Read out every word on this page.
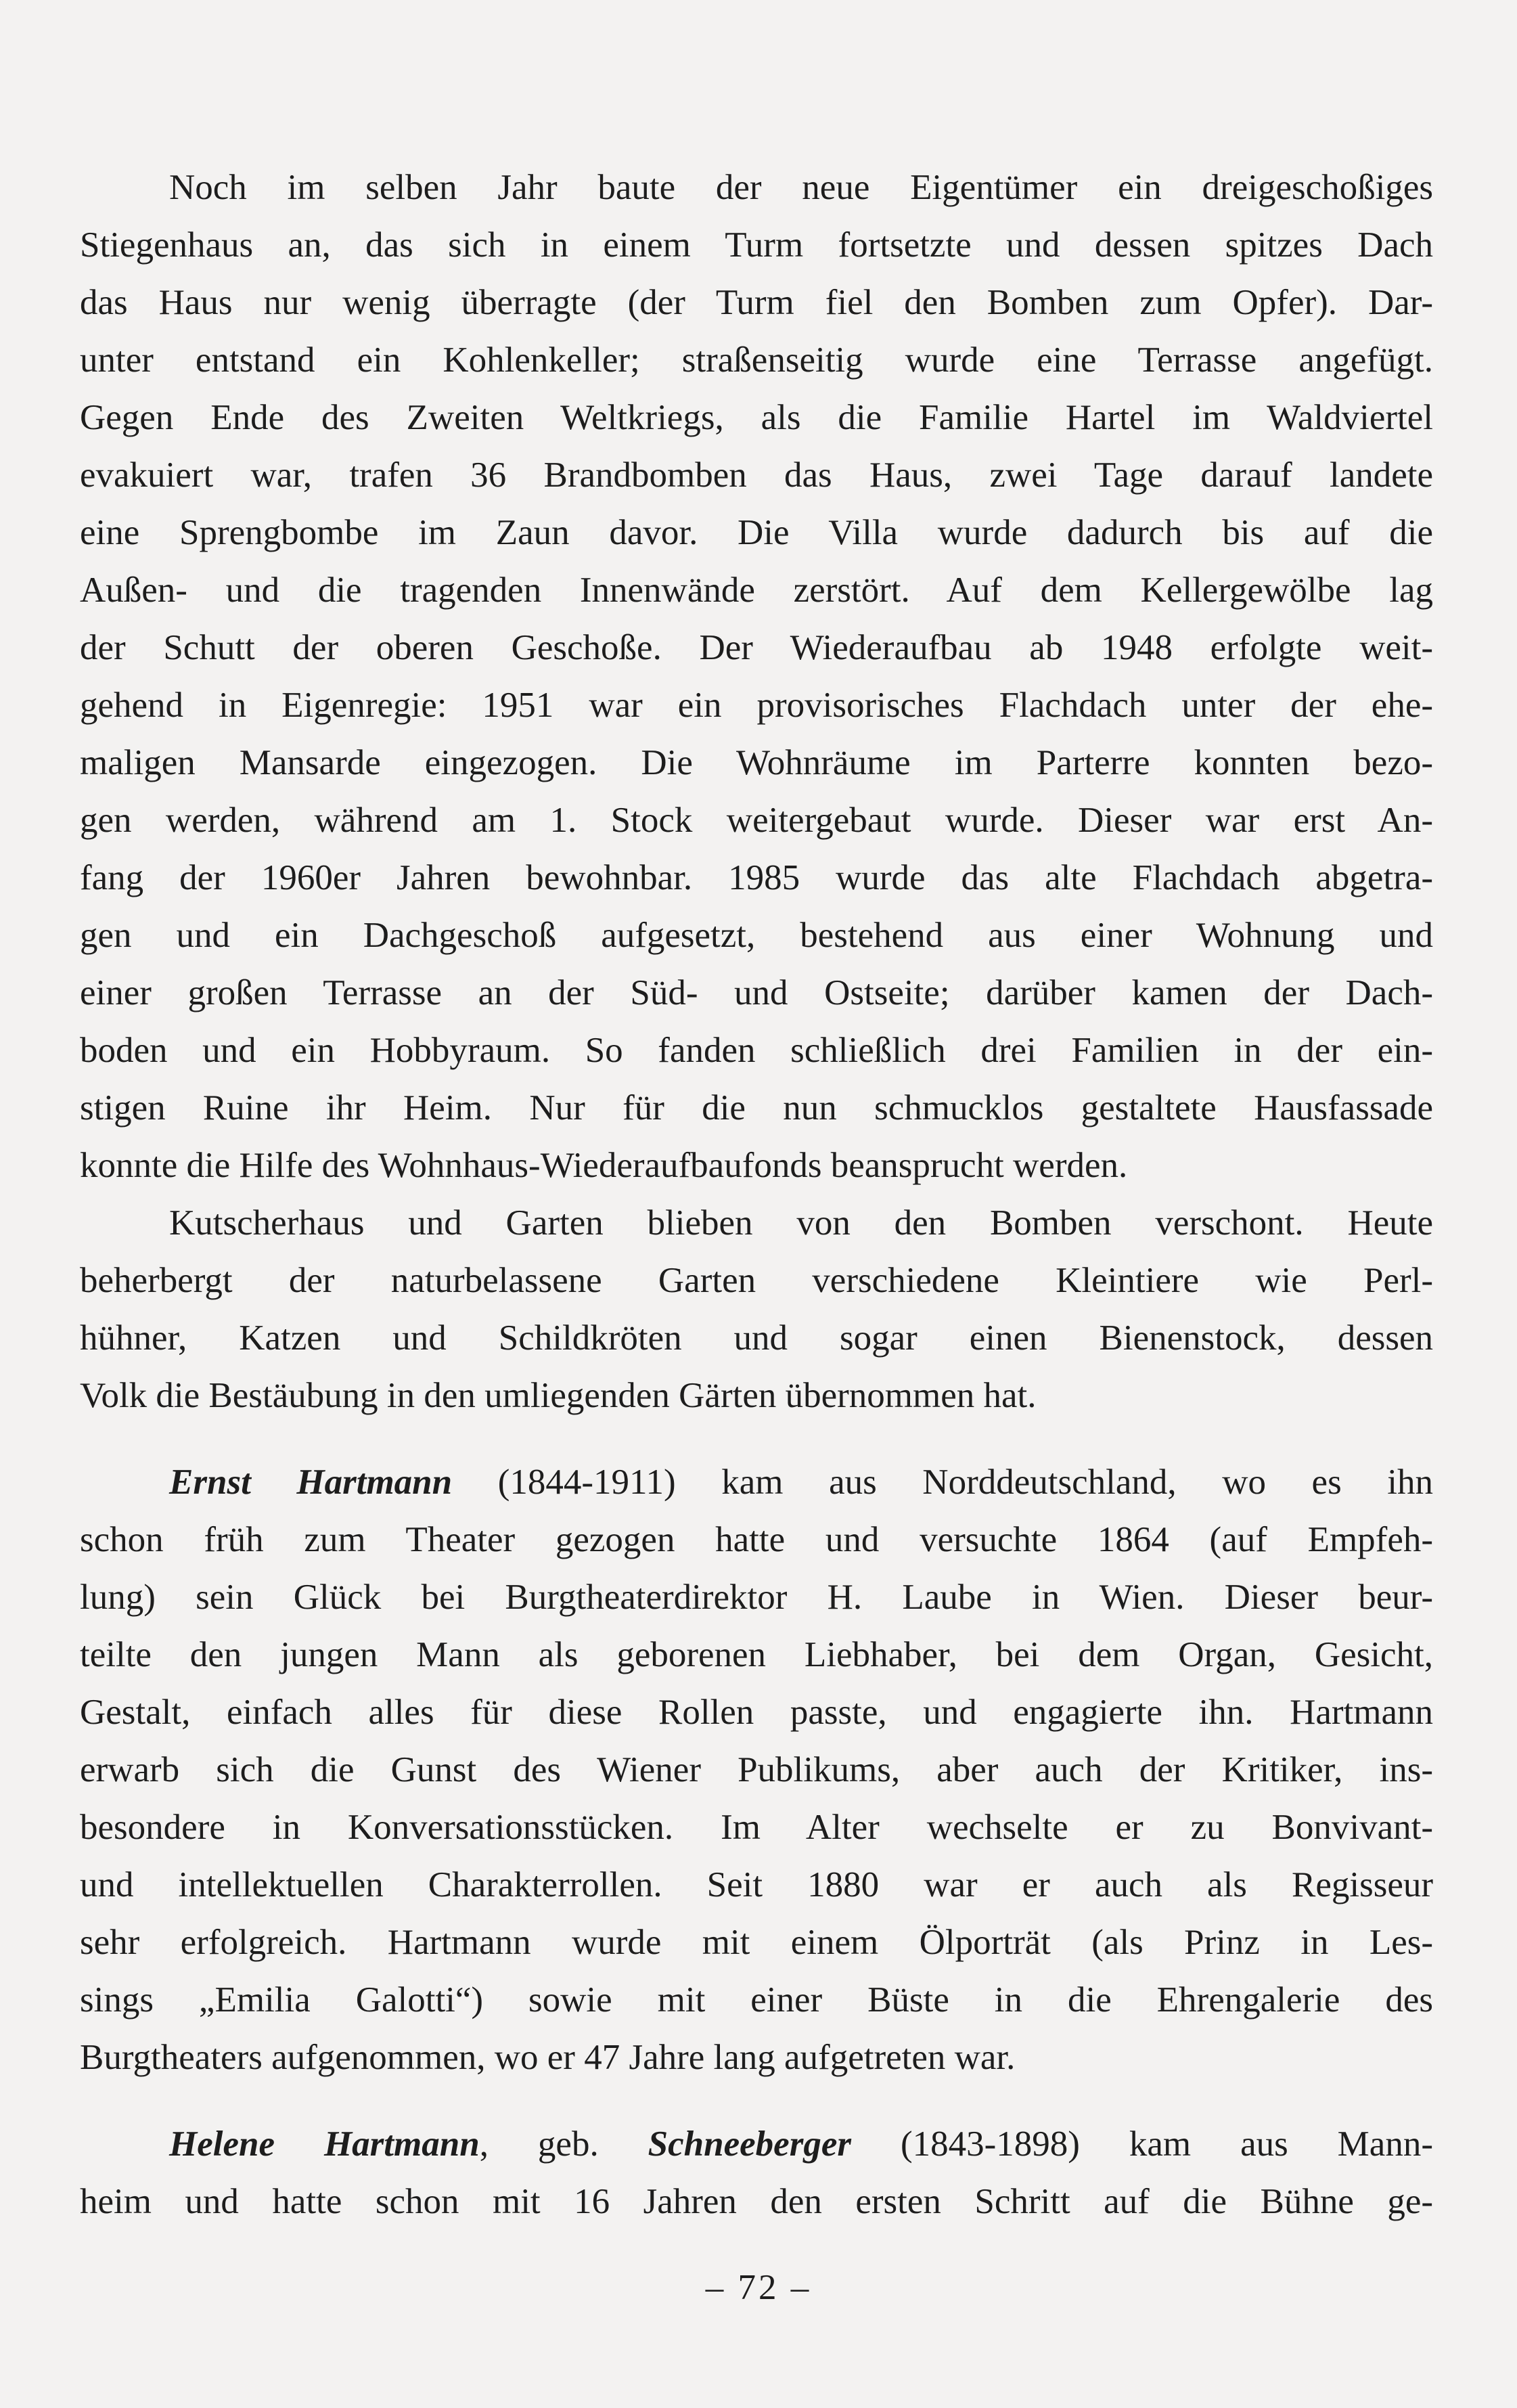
Noch im selben Jahr baute der neue Eigentümer ein dreigeschoßiges
Stiegenhaus an, das sich in einem Turm fortsetzte und dessen spitzes Dach
das Haus nur wenig überragte (der Turm fiel den Bomben zum Opfer). Dar-
unter entstand ein Kohlenkeller; straßenseitig wurde eine Terrasse angefügt.
Gegen Ende des Zweiten Weltkriegs, als die Familie Hartel im Waldviertel
evakuiert war, trafen 36 Brandbomben das Haus, zwei Tage darauf landete
eine Sprengbombe im Zaun davor. Die Villa wurde dadurch bis auf die
Außen- und die tragenden Innenwände zerstört. Auf dem Kellergewölbe lag
der Schutt der oberen Geschoße. Der Wiederaufbau ab 1948 erfolgte weit-
gehend in Eigenregie: 1951 war ein provisorisches Flachdach unter der ehe-
maligen Mansarde eingezogen. Die Wohnräume im Parterre konnten bezo-
gen werden, während am 1. Stock weitergebaut wurde. Dieser war erst An-
fang der 1960er Jahren bewohnbar. 1985 wurde das alte Flachdach abgetra-
gen und ein Dachgeschoß aufgesetzt, bestehend aus einer Wohnung und
einer großen Terrasse an der Süd- und Ostseite; darüber kamen der Dach-
boden und ein Hobbyraum. So fanden schließlich drei Familien in der ein-
stigen Ruine ihr Heim. Nur für die nun schmucklos gestaltete Hausfassade
konnte die Hilfe des Wohnhaus-Wiederaufbaufonds beansprucht werden.
Kutscherhaus und Garten blieben von den Bomben verschont. Heute
beherbergt der naturbelassene Garten verschiedene Kleintiere wie Perl-
hühner, Katzen und Schildkröten und sogar einen Bienenstock, dessen
Volk die Bestäubung in den umliegenden Gärten übernommen hat.
Ernst Hartmann (1844-1911) kam aus Norddeutschland, wo es ihn
schon früh zum Theater gezogen hatte und versuchte 1864 (auf Empfeh-
lung) sein Glück bei Burgtheaterdirektor H. Laube in Wien. Dieser beur-
teilte den jungen Mann als geborenen Liebhaber, bei dem Organ, Gesicht,
Gestalt, einfach alles für diese Rollen passte, und engagierte ihn. Hartmann
erwarb sich die Gunst des Wiener Publikums, aber auch der Kritiker, ins-
besondere in Konversationsstücken. Im Alter wechselte er zu Bonvivant-
und intellektuellen Charakterrollen. Seit 1880 war er auch als Regisseur
sehr erfolgreich. Hartmann wurde mit einem Ölporträt (als Prinz in Les-
sings „Emilia Galotti“) sowie mit einer Büste in die Ehrengalerie des
Burgtheaters aufgenommen, wo er 47 Jahre lang aufgetreten war.
Helene Hartmann, geb. Schneeberger (1843-1898) kam aus Mann-
heim und hatte schon mit 16 Jahren den ersten Schritt auf die Bühne ge-
– 72 –
